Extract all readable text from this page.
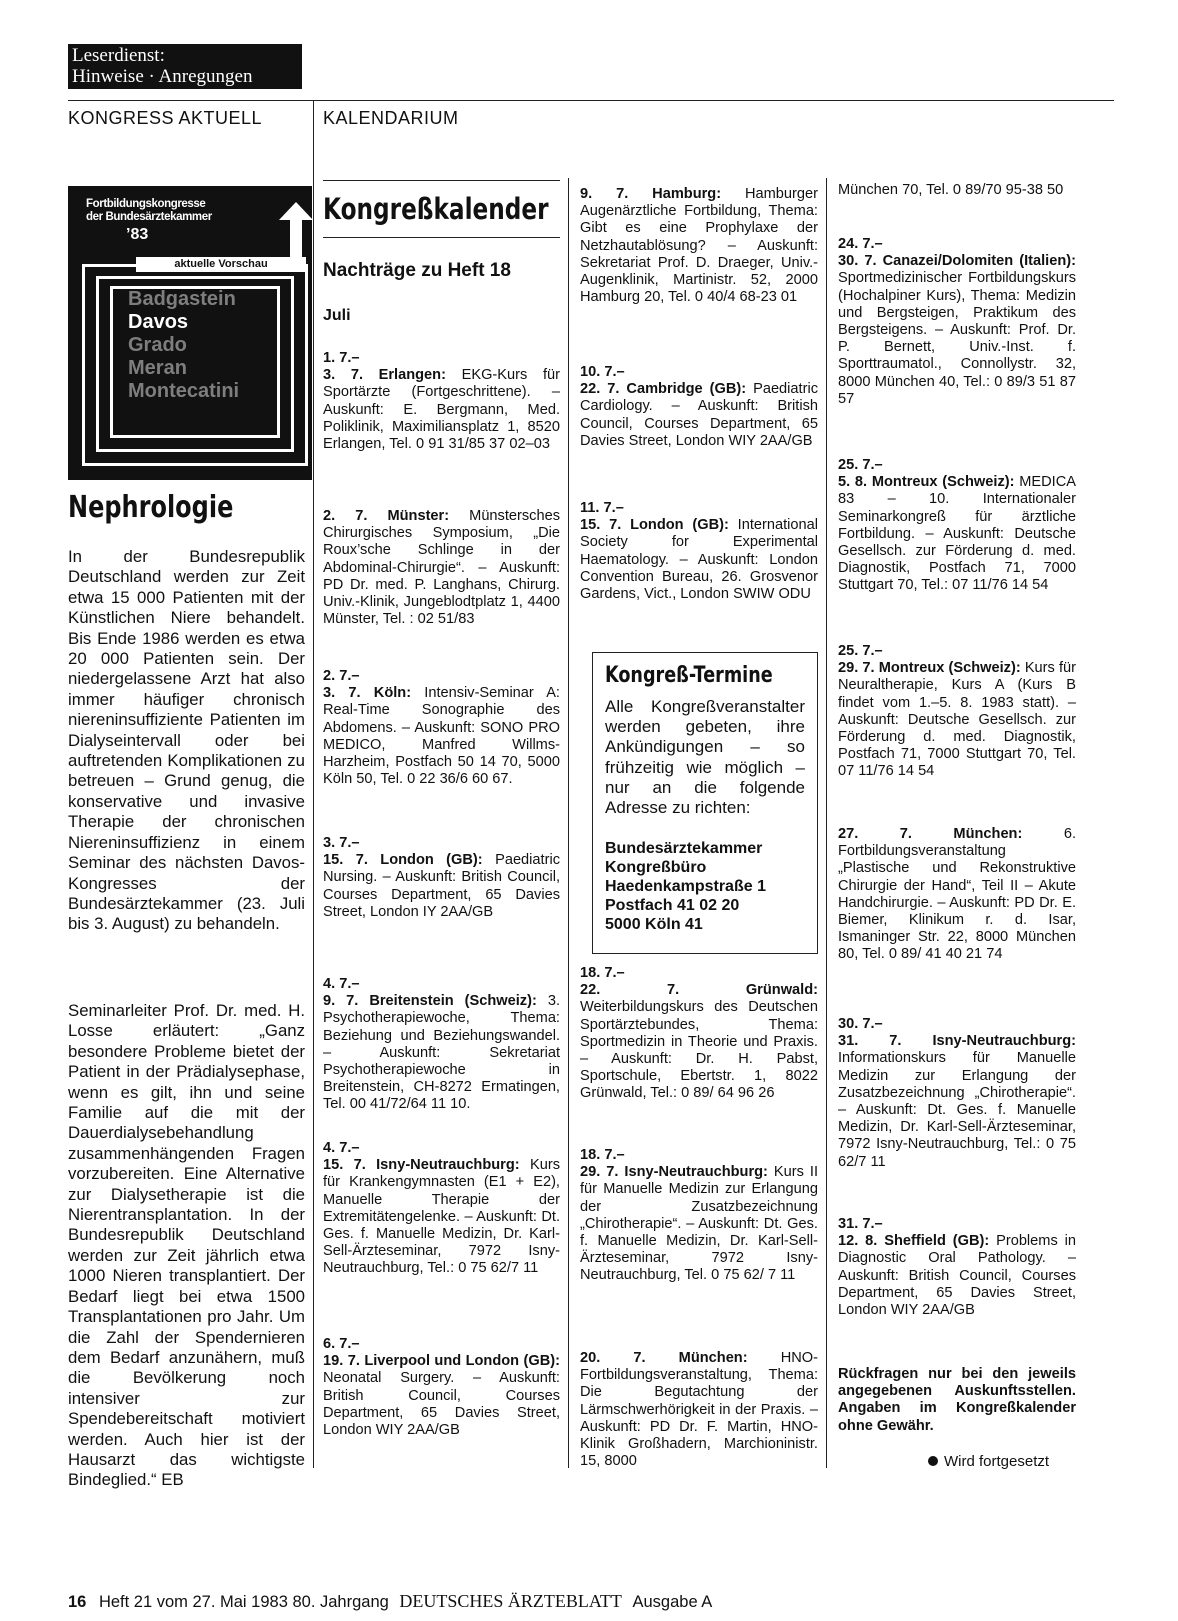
Leserdienst:
Hinweise · Anregungen
KONGRESS AKTUELL	KALENDARIUM
Fortbildungskongresse
der Bundesärztekammer
’83
aktuelle Vorschau
Badgastein
Davos
Grado
Meran
Montecatini
Nephrologie
In der Bundesrepublik Deutschland werden zur Zeit etwa 15 000 Patienten mit der Künstlichen Niere behandelt. Bis Ende 1986 werden es etwa 20 000 Patienten sein. Der niedergelassene Arzt hat also immer häufiger chronisch niereninsuffiziente Patienten im Dialyseintervall oder bei auftretenden Komplikationen zu betreuen – Grund genug, die konservative und invasive Therapie der chronischen Niereninsuffizienz in einem Seminar des nächsten Davos-Kongresses der Bundesärztekammer (23. Juli bis 3. August) zu behandeln.
Seminarleiter Prof. Dr. med. H. Losse erläutert: „Ganz besondere Probleme bietet der Patient in der Prädialysephase, wenn es gilt, ihn und seine Familie auf die mit der Dauerdialysebehandlung zusammenhängenden Fragen vorzubereiten. Eine Alternative zur Dialysetherapie ist die Nierentransplantation. In der Bundesrepublik Deutschland werden zur Zeit jährlich etwa 1000 Nieren transplantiert. Der Bedarf liegt bei etwa 1500 Transplantationen pro Jahr. Um die Zahl der Spendernieren dem Bedarf anzunähern, muß die Bevölkerung noch intensiver zur Spendebereitschaft motiviert werden. Auch hier ist der Hausarzt das wichtigste Bindeglied.“ EB
Kongreßkalender
Nachträge zu Heft 18
Juli
1. 7.–
3. 7. Erlangen: EKG-Kurs für Sportärzte (Fortgeschrittene). – Auskunft: E. Bergmann, Med. Poliklinik, Maximiliansplatz 1, 8520 Erlangen, Tel. 0 91 31/85 37 02–03
2. 7. Münster: Münstersches Chirurgisches Symposium, „Die Roux’sche Schlinge in der Abdominal-Chirurgie“. – Auskunft: PD Dr. med. P. Langhans, Chirurg. Univ.-Klinik, Jungeblodtplatz 1, 4400 Münster, Tel. : 02 51/83
2. 7.–
3. 7. Köln: Intensiv-Seminar A: Real-Time Sonographie des Abdomens. – Auskunft: SONO PRO MEDICO, Manfred Willms-Harzheim, Postfach 50 14 70, 5000 Köln 50, Tel. 0 22 36/6 60 67.
3. 7.–
15. 7. London (GB): Paediatric Nursing. – Auskunft: British Council, Courses Department, 65 Davies Street, London IY 2AA/GB
4. 7.–
9. 7. Breitenstein (Schweiz): 3. Psychotherapiewoche, Thema: Beziehung und Beziehungswandel. – Auskunft: Sekretariat Psychotherapiewoche in Breitenstein, CH-8272 Ermatingen, Tel. 00 41/72/64 11 10.
4. 7.–
15. 7. Isny-Neutrauchburg: Kurs für Krankengymnasten (E1 + E2), Manuelle Therapie der Extremitätengelenke. – Auskunft: Dt. Ges. f. Manuelle Medizin, Dr. Karl-Sell-Ärzteseminar, 7972 Isny-Neutrauchburg, Tel.: 0 75 62/7 11
6. 7.–
19. 7. Liverpool und London (GB): Neonatal Surgery. – Auskunft: British Council, Courses Department, 65 Davies Street, London WIY 2AA/GB
9. 7. Hamburg: Hamburger Augenärztliche Fortbildung, Thema: Gibt es eine Prophylaxe der Netzhautablösung? – Auskunft: Sekretariat Prof. D. Draeger, Univ.-Augenklinik, Martinistr. 52, 2000 Hamburg 20, Tel. 0 40/4 68-23 01
10. 7.–
22. 7. Cambridge (GB): Paediatric Cardiology. – Auskunft: British Council, Courses Department, 65 Davies Street, London WIY 2AA/GB
11. 7.–
15. 7. London (GB): International Society for Experimental Haematology. – Auskunft: London Convention Bureau, 26. Grosvenor Gardens, Vict., London SWIW ODU
Kongreß-Termine
Alle Kongreßveranstalter werden gebeten, ihre Ankündigungen – so frühzeitig wie möglich – nur an die folgende Adresse zu richten:
Bundesärztekammer
Kongreßbüro
Haedenkampstraße 1
Postfach 41 02 20
5000 Köln 41
18. 7.–
22. 7. Grünwald: Weiterbildungskurs des Deutschen Sportärztebundes, Thema: Sportmedizin in Theorie und Praxis. – Auskunft: Dr. H. Pabst, Sportschule, Ebertstr. 1, 8022 Grünwald, Tel.: 0 89/ 64 96 26
18. 7.–
29. 7. Isny-Neutrauchburg: Kurs II für Manuelle Medizin zur Erlangung der Zusatzbezeichnung „Chirotherapie“. – Auskunft: Dt. Ges. f. Manuelle Medizin, Dr. Karl-Sell-Ärzteseminar, 7972 Isny-Neutrauchburg, Tel. 0 75 62/ 7 11
20. 7. München: HNO-Fortbildungsveranstaltung, Thema: Die Begutachtung der Lärmschwerhörigkeit in der Praxis. – Auskunft: PD Dr. F. Martin, HNO-Klinik Großhadern, Marchioninistr. 15, 8000
München 70, Tel. 0 89/70 95-38 50
24. 7.–
30. 7. Canazei/Dolomiten (Italien): Sportmedizinischer Fortbildungskurs (Hochalpiner Kurs), Thema: Medizin und Bergsteigen, Praktikum des Bergsteigens. – Auskunft: Prof. Dr. P. Bernett, Univ.-Inst. f. Sporttraumatol., Connollystr. 32, 8000 München 40, Tel.: 0 89/3 51 87 57
25. 7.–
5. 8. Montreux (Schweiz): MEDICA 83 – 10. Internationaler Seminarkongreß für ärztliche Fortbildung. – Auskunft: Deutsche Gesellsch. zur Förderung d. med. Diagnostik, Postfach 71, 7000 Stuttgart 70, Tel.: 07 11/76 14 54
25. 7.–
29. 7. Montreux (Schweiz): Kurs für Neuraltherapie, Kurs A (Kurs B findet vom 1.–5. 8. 1983 statt). – Auskunft: Deutsche Gesellsch. zur Förderung d. med. Diagnostik, Postfach 71, 7000 Stuttgart 70, Tel. 07 11/76 14 54
27. 7. München:	6. Fortbildungsveranstaltung „Plastische und Rekonstruktive Chirurgie der Hand“, Teil II – Akute Handchirurgie. – Auskunft: PD Dr. E. Biemer, Klinikum r. d. Isar, Ismaninger Str. 22, 8000 München 80, Tel. 0 89/ 41 40 21 74
30. 7.–
31. 7. Isny-Neutrauchburg: Informationskurs für Manuelle Medizin zur Erlangung der Zusatzbezeichnung „Chirotherapie“. – Auskunft: Dt. Ges. f. Manuelle Medizin, Dr. Karl-Sell-Ärzteseminar, 7972 Isny-Neutrauchburg, Tel.: 0 75 62/7 11
31. 7.–
12. 8. Sheffield (GB): Problems in Diagnostic Oral Pathology. – Auskunft: British Council, Courses Department, 65 Davies Street, London WIY 2AA/GB
Rückfragen nur bei den jeweils angegebenen Auskunftsstellen. Angaben im Kongreßkalender ohne Gewähr.
Wird fortgesetzt
16 Heft 21 vom 27. Mai 1983 80. Jahrgang DEUTSCHES ÄRZTEBLATT Ausgabe A
